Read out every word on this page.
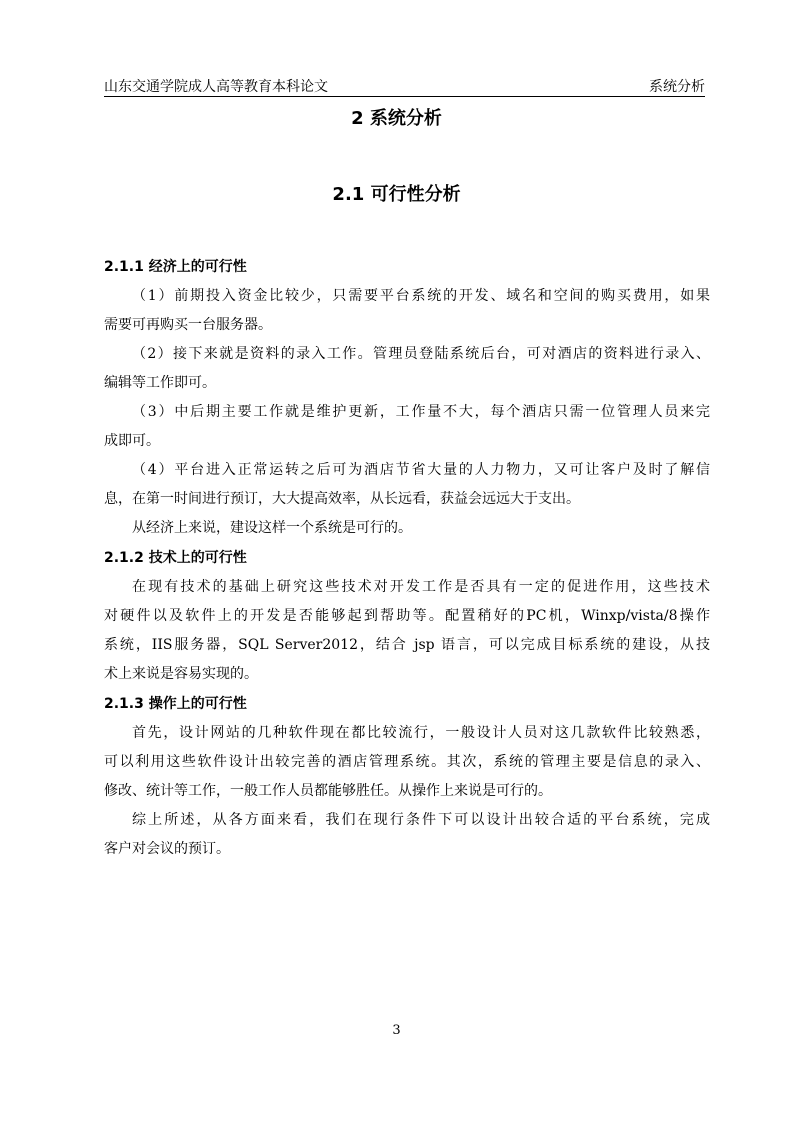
山东交通学院成人高等教育本科论文	系统分析
2 系统分析
2.1 可行性分析
2.1.1 经济上的可行性
（1）前期投入资金比较少，只需要平台系统的开发、域名和空间的购买费用，如果
需要可再购买一台服务器。
（2）接下来就是资料的录入工作。管理员登陆系统后台，可对酒店的资料进行录入、
编辑等工作即可。
（3）中后期主要工作就是维护更新，工作量不大，每个酒店只需一位管理人员来完
成即可。
（4）平台进入正常运转之后可为酒店节省大量的人力物力，又可让客户及时了解信
息，在第一时间进行预订，大大提高效率，从长远看，获益会远远大于支出。
从经济上来说，建设这样一个系统是可行的。
2.1.2 技术上的可行性
在现有技术的基础上研究这些技术对开发工作是否具有一定的促进作用，这些技术
对硬件以及软件上的开发是否能够起到帮助等。配置稍好的PC机，Winxp/vista/8操作
系统，IIS服务器，SQL Server2012，结合 jsp 语言，可以完成目标系统的建设，从技
术上来说是容易实现的。
2.1.3 操作上的可行性
首先，设计网站的几种软件现在都比较流行，一般设计人员对这几款软件比较熟悉，
可以利用这些软件设计出较完善的酒店管理系统。其次，系统的管理主要是信息的录入、
修改、统计等工作，一般工作人员都能够胜任。从操作上来说是可行的。
综上所述，从各方面来看，我们在现行条件下可以设计出较合适的平台系统，完成
客户对会议的预订。
3
